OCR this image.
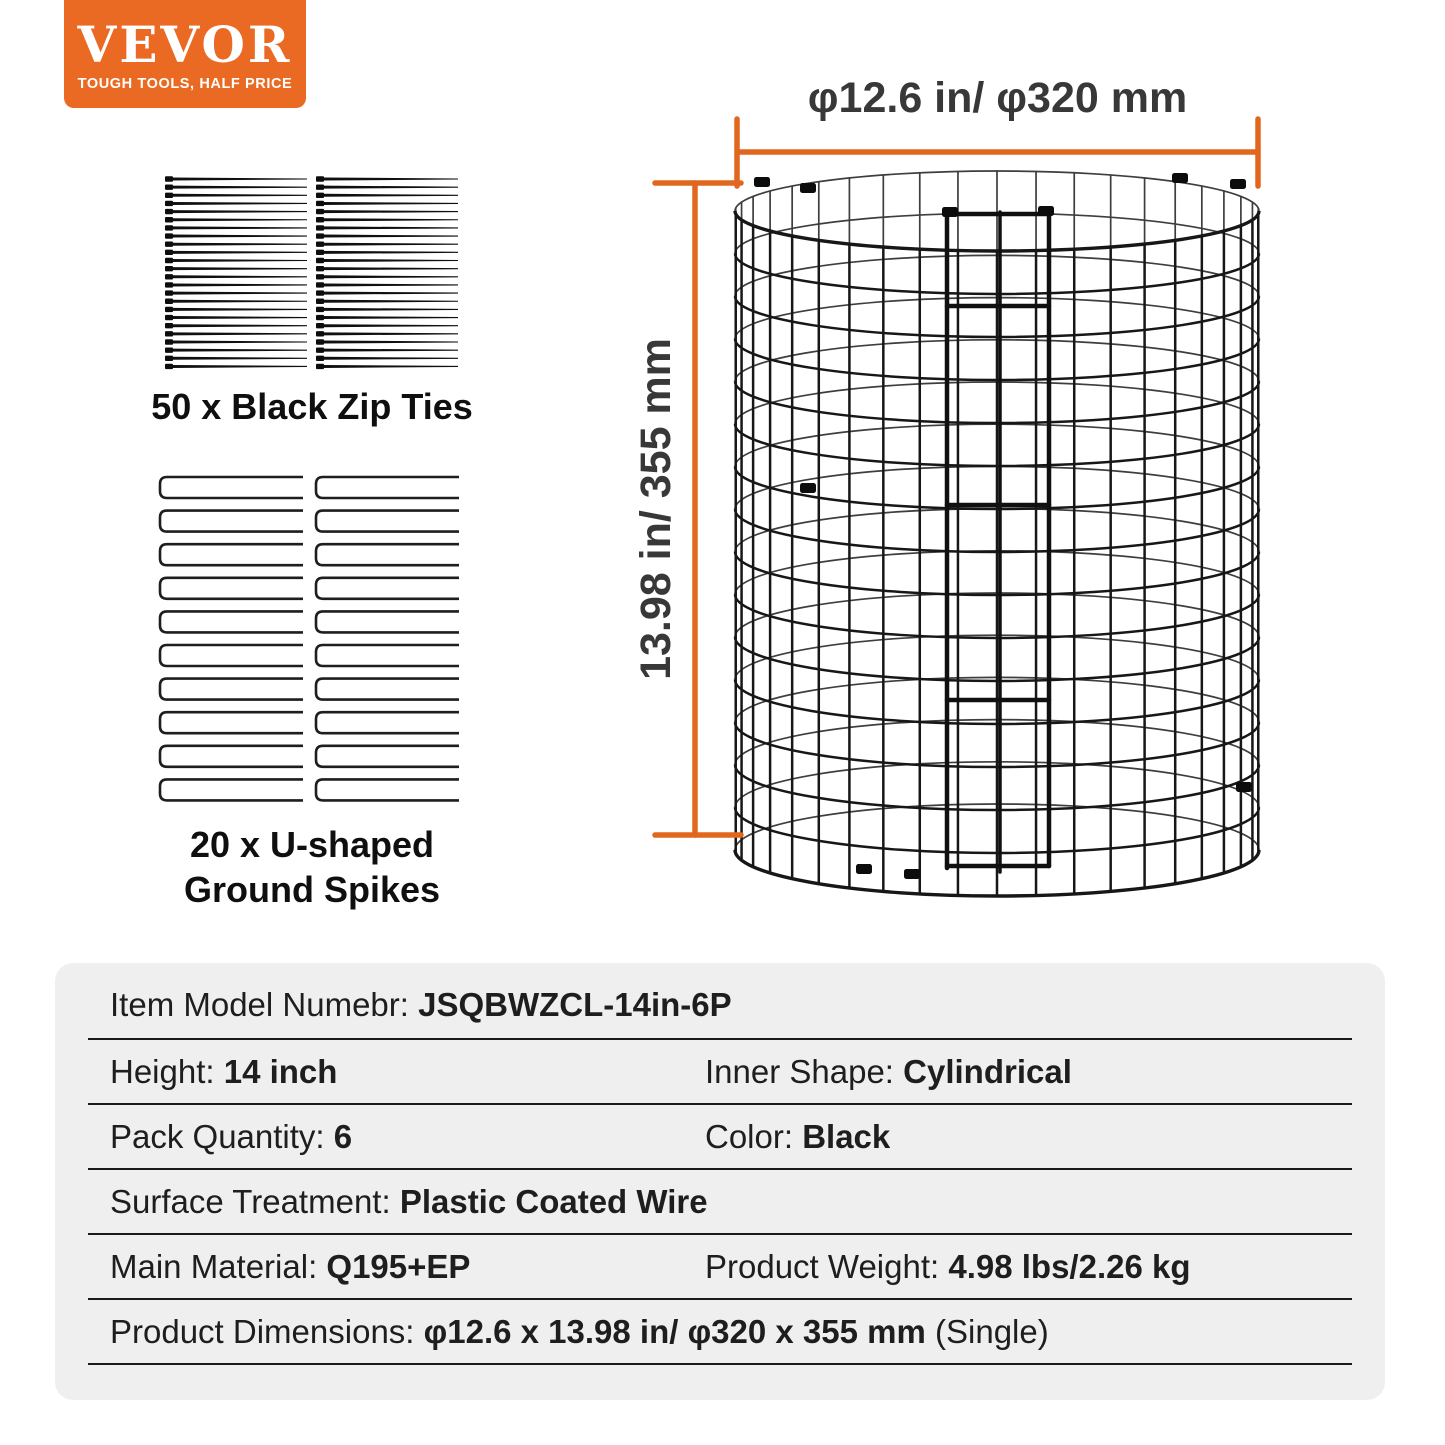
VEVOR
TOUGH TOOLS, HALF PRICE
50 x Black Zip Ties
20 x U-shaped
Ground Spikes
φ12.6 in/ φ320 mm
13.98 in/ 355 mm
Item Model Numebr: JSQBWZCL-14in-6P
Height: 14 inch	Inner Shape: Cylindrical
Pack Quantity: 6	Color: Black
Surface Treatment: Plastic Coated Wire
Main Material: Q195+EP	Product Weight: 4.98 lbs/2.26 kg
Product Dimensions: φ12.6 x 13.98 in/ φ320 x 355 mm (Single)
